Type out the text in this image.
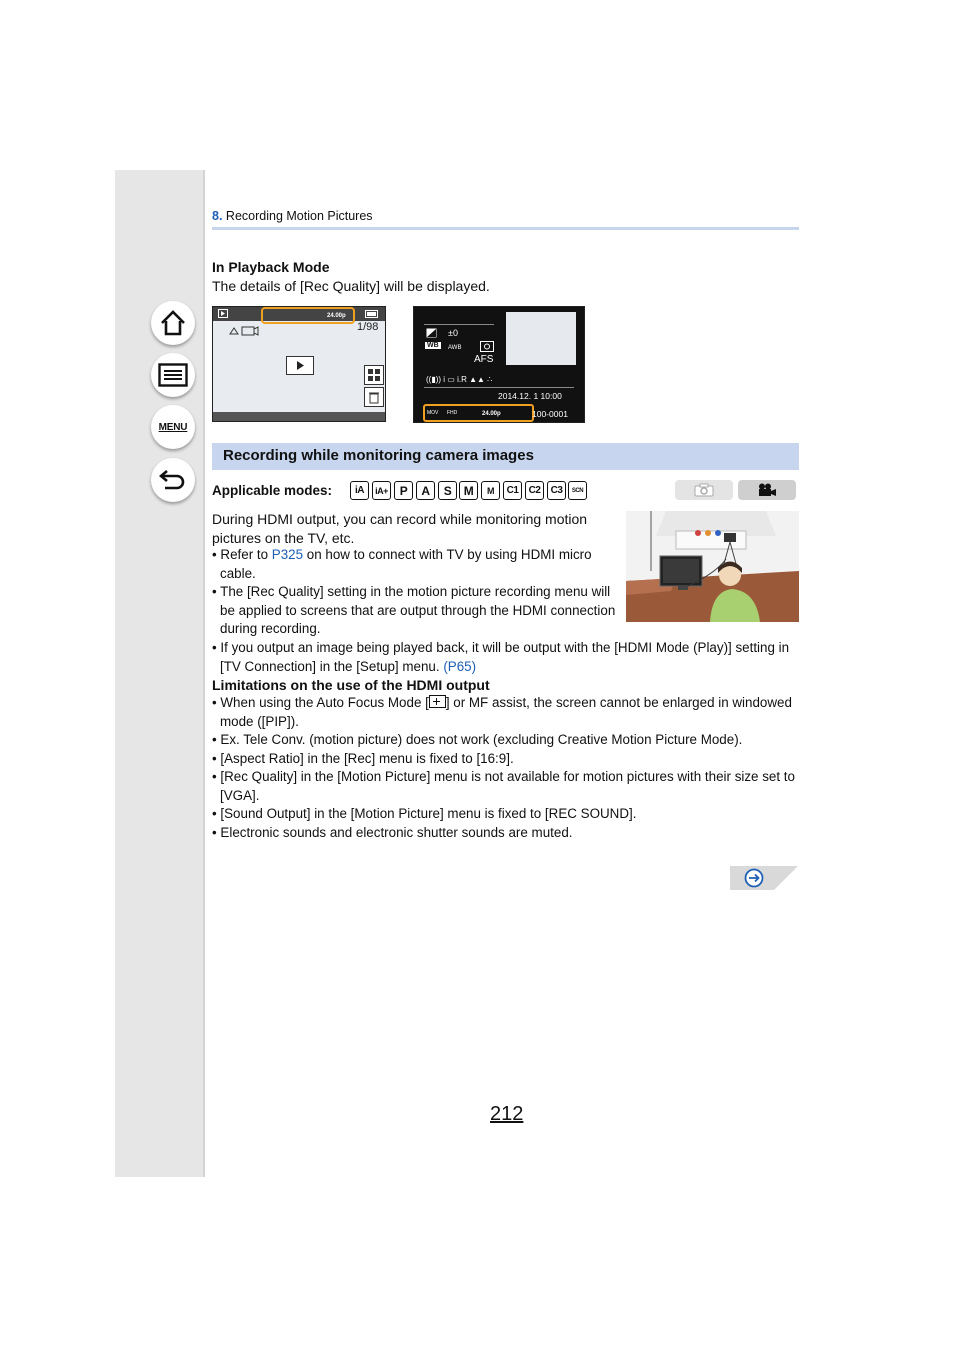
MENU
8. Recording Motion Pictures
In Playback Mode
The details of [Rec Quality] will be displayed.
24.00p
1/98	±0
WB	AWB
AFS
((▮)) i ▭ i.R ▲▲ ∴
2014.12. 1 10:00
MOV FHD	24.00p	100-0001
Recording while monitoring camera images
Applicable modes:	iA	iA+ P	A	S	M	M	C1	C2	C3	SCN
During HDMI output, you can record while monitoring motion pictures on the TV, etc.
• Refer to P325 on how to connect with TV by using HDMI micro cable.
• The [Rec Quality] setting in the motion picture recording menu will be applied to screens that are output through the HDMI connection during recording.
• If you output an image being played back, it will be output with the [HDMI Mode (Play)] setting in [TV Connection] in the [Setup] menu. (P65)
Limitations on the use of the HDMI output
• When using the Auto Focus Mode [ ] or MF assist, the screen cannot be enlarged in windowed mode ([PIP]).
• Ex. Tele Conv. (motion picture) does not work (excluding Creative Motion Picture Mode).
• [Aspect Ratio] in the [Rec] menu is fixed to [16:9].
• [Rec Quality] in the [Motion Picture] menu is not available for motion pictures with their size set to [VGA].
• [Sound Output] in the [Motion Picture] menu is fixed to [REC SOUND].
• Electronic sounds and electronic shutter sounds are muted.
212
